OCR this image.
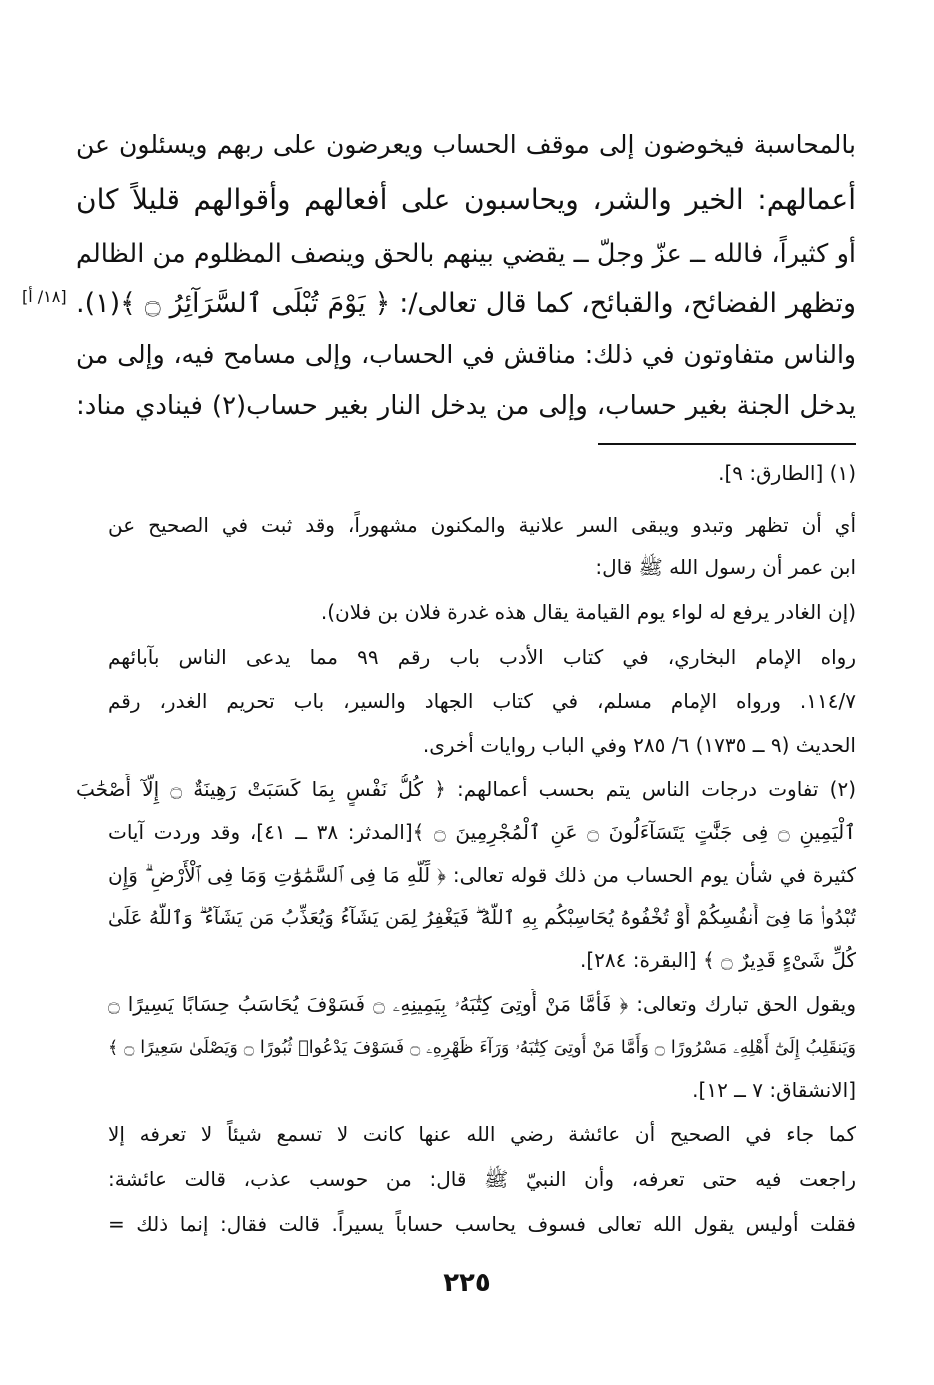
بالمحاسبة فيخوضون إلى موقف الحساب ويعرضون على ربهم ويسئلون عن
أعمالهم: الخير والشر، ويحاسبون على أفعالهم وأقوالهم قليلاً كان
أو كثيراً، فالله ــ عزّ وجلّ ــ يقضي بينهم بالحق وينصف المظلوم من الظالم
وتظهر الفضائح، والقبائح، كما قال تعالى/: ﴿ يَوْمَ تُبْلَى ٱلسَّرَآئِرُ ۝ ﴾(١).
والناس متفاوتون في ذلك: مناقش في الحساب، وإلى مسامح فيه، وإلى من
يدخل الجنة بغير حساب، وإلى من يدخل النار بغير حساب(٢) فينادي مناد:
[١٨/ أ]
(١) [الطارق: ٩].
أي أن تظهر وتبدو ويبقى السر علانية والمكنون مشهوراً، وقد ثبت في الصحيح عن
ابن عمر أن رسول الله ﷺ قال:
(إن الغادر يرفع له لواء يوم القيامة يقال هذه غدرة فلان بن فلان).
رواه الإمام البخاري، في كتاب الأدب باب رقم ٩٩ مما يدعى الناس بآبائهم
١١٤/٧. ورواه الإمام مسلم، في كتاب الجهاد والسير، باب تحريم الغدر، رقم
الحديث (٩ ــ ١٧٣٥) ٦/ ٢٨٥ وفي الباب روايات أخرى.
(٢) تفاوت درجات الناس يتم بحسب أعمالهم: ﴿ كُلُّ نَفْسٍ بِمَا كَسَبَتْ رَهِينَةٌ ۝ إِلَّآ أَصْحَٰبَ
ٱلْيَمِينِ ۝ فِى جَنَّٰتٍ يَتَسَآءَلُونَ ۝ عَنِ ٱلْمُجْرِمِينَ ۝ ﴾[المدثر: ٣٨ ــ ٤١]، وقد وردت آيات
كثيرة في شأن يوم الحساب من ذلك قوله تعالى: ﴿ لِّلَّهِ مَا فِى ٱلسَّمَٰوَٰتِ وَمَا فِى ٱلْأَرْضِ ۗ وَإِن
تُبْدُوا۟ مَا فِىٓ أَنفُسِكُمْ أَوْ تُخْفُوهُ يُحَاسِبْكُم بِهِ ٱللَّهُ ۖ فَيَغْفِرُ لِمَن يَشَآءُ وَيُعَذِّبُ مَن يَشَآءُ ۗ وَٱللَّهُ عَلَىٰ
كُلِّ شَىْءٍ قَدِيرٌ ۝ ﴾ [البقرة: ٢٨٤].
ويقول الحق تبارك وتعالى: ﴿ فَأَمَّا مَنْ أُوتِىَ كِتَٰبَهُۥ بِيَمِينِهِۦ ۝ فَسَوْفَ يُحَاسَبُ حِسَابًا يَسِيرًا ۝
وَيَنقَلِبُ إِلَىٰٓ أَهْلِهِۦ مَسْرُورًا ۝ وَأَمَّا مَنْ أُوتِىَ كِتَٰبَهُۥ وَرَآءَ ظَهْرِهِۦ ۝ فَسَوْفَ يَدْعُوا۟ ثُبُورًا ۝ وَيَصْلَىٰ سَعِيرًا ۝ ﴾
[الانشقاق: ٧ ــ ١٢].
كما جاء في الصحيح أن عائشة رضي الله عنها كانت لا تسمع شيئاً لا تعرفه إلا
راجعت فيه حتى تعرفه، وأن النبيّ ﷺ قال: من حوسب عذب، قالت عائشة:
فقلت أوليس يقول الله تعالى فسوف يحاسب حساباً يسيراً. قالت فقال: إنما ذلك =
٢٢٥
